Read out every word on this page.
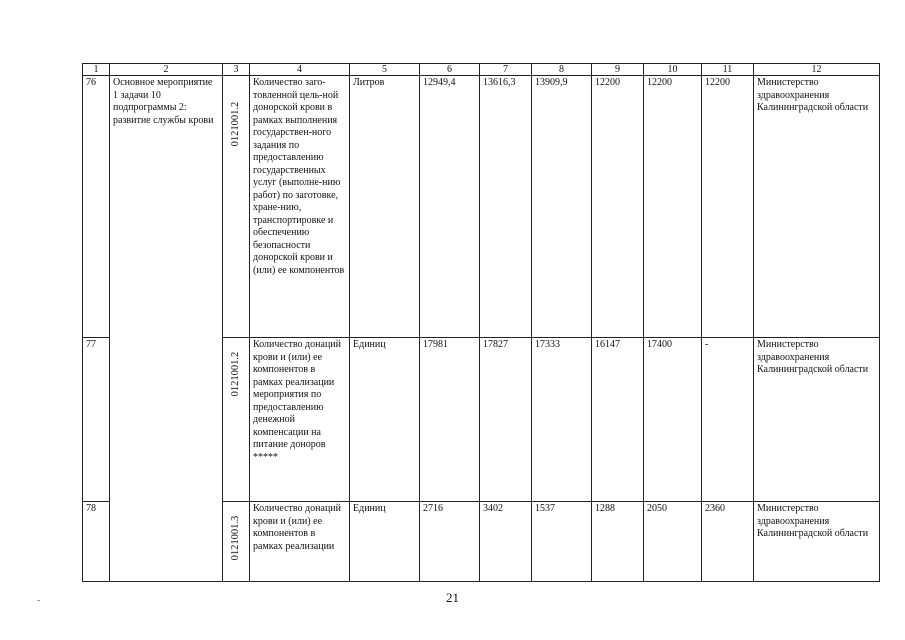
1	2	3	4	5	6	7	8	9	10	11	12
76	Основное мероприятие 1 задачи 10 подпрограммы 2: развитие службы крови	0121001.2	Количество заго-товленной цель-ной донорской крови в рамках выполнения государствен-ного задания по предоставлению государственных услуг (выполне-нию работ) по заготовке, хране-нию, транспортировке и обеспечению безопасности донорской крови и (или) ее компонентов	Литров	12949,4	13616,3	13909,9	12200	12200	12200	Министерство здравоохранения Калининградской области
77		0121001.2	Количество донаций крови и (или) ее компонентов в рамках реализации мероприятия по предоставлению денежной компенсации на питание доноров *****	Единиц	17981	17827	17333	16147	17400	-	Министерство здравоохранения Калининградской области
78		0121001.3	Количество донаций крови и (или) ее компонентов в рамках реализации	Единиц	2716	3402	1537	1288	2050	2360	Министерство здравоохранения Калининградской области
21
